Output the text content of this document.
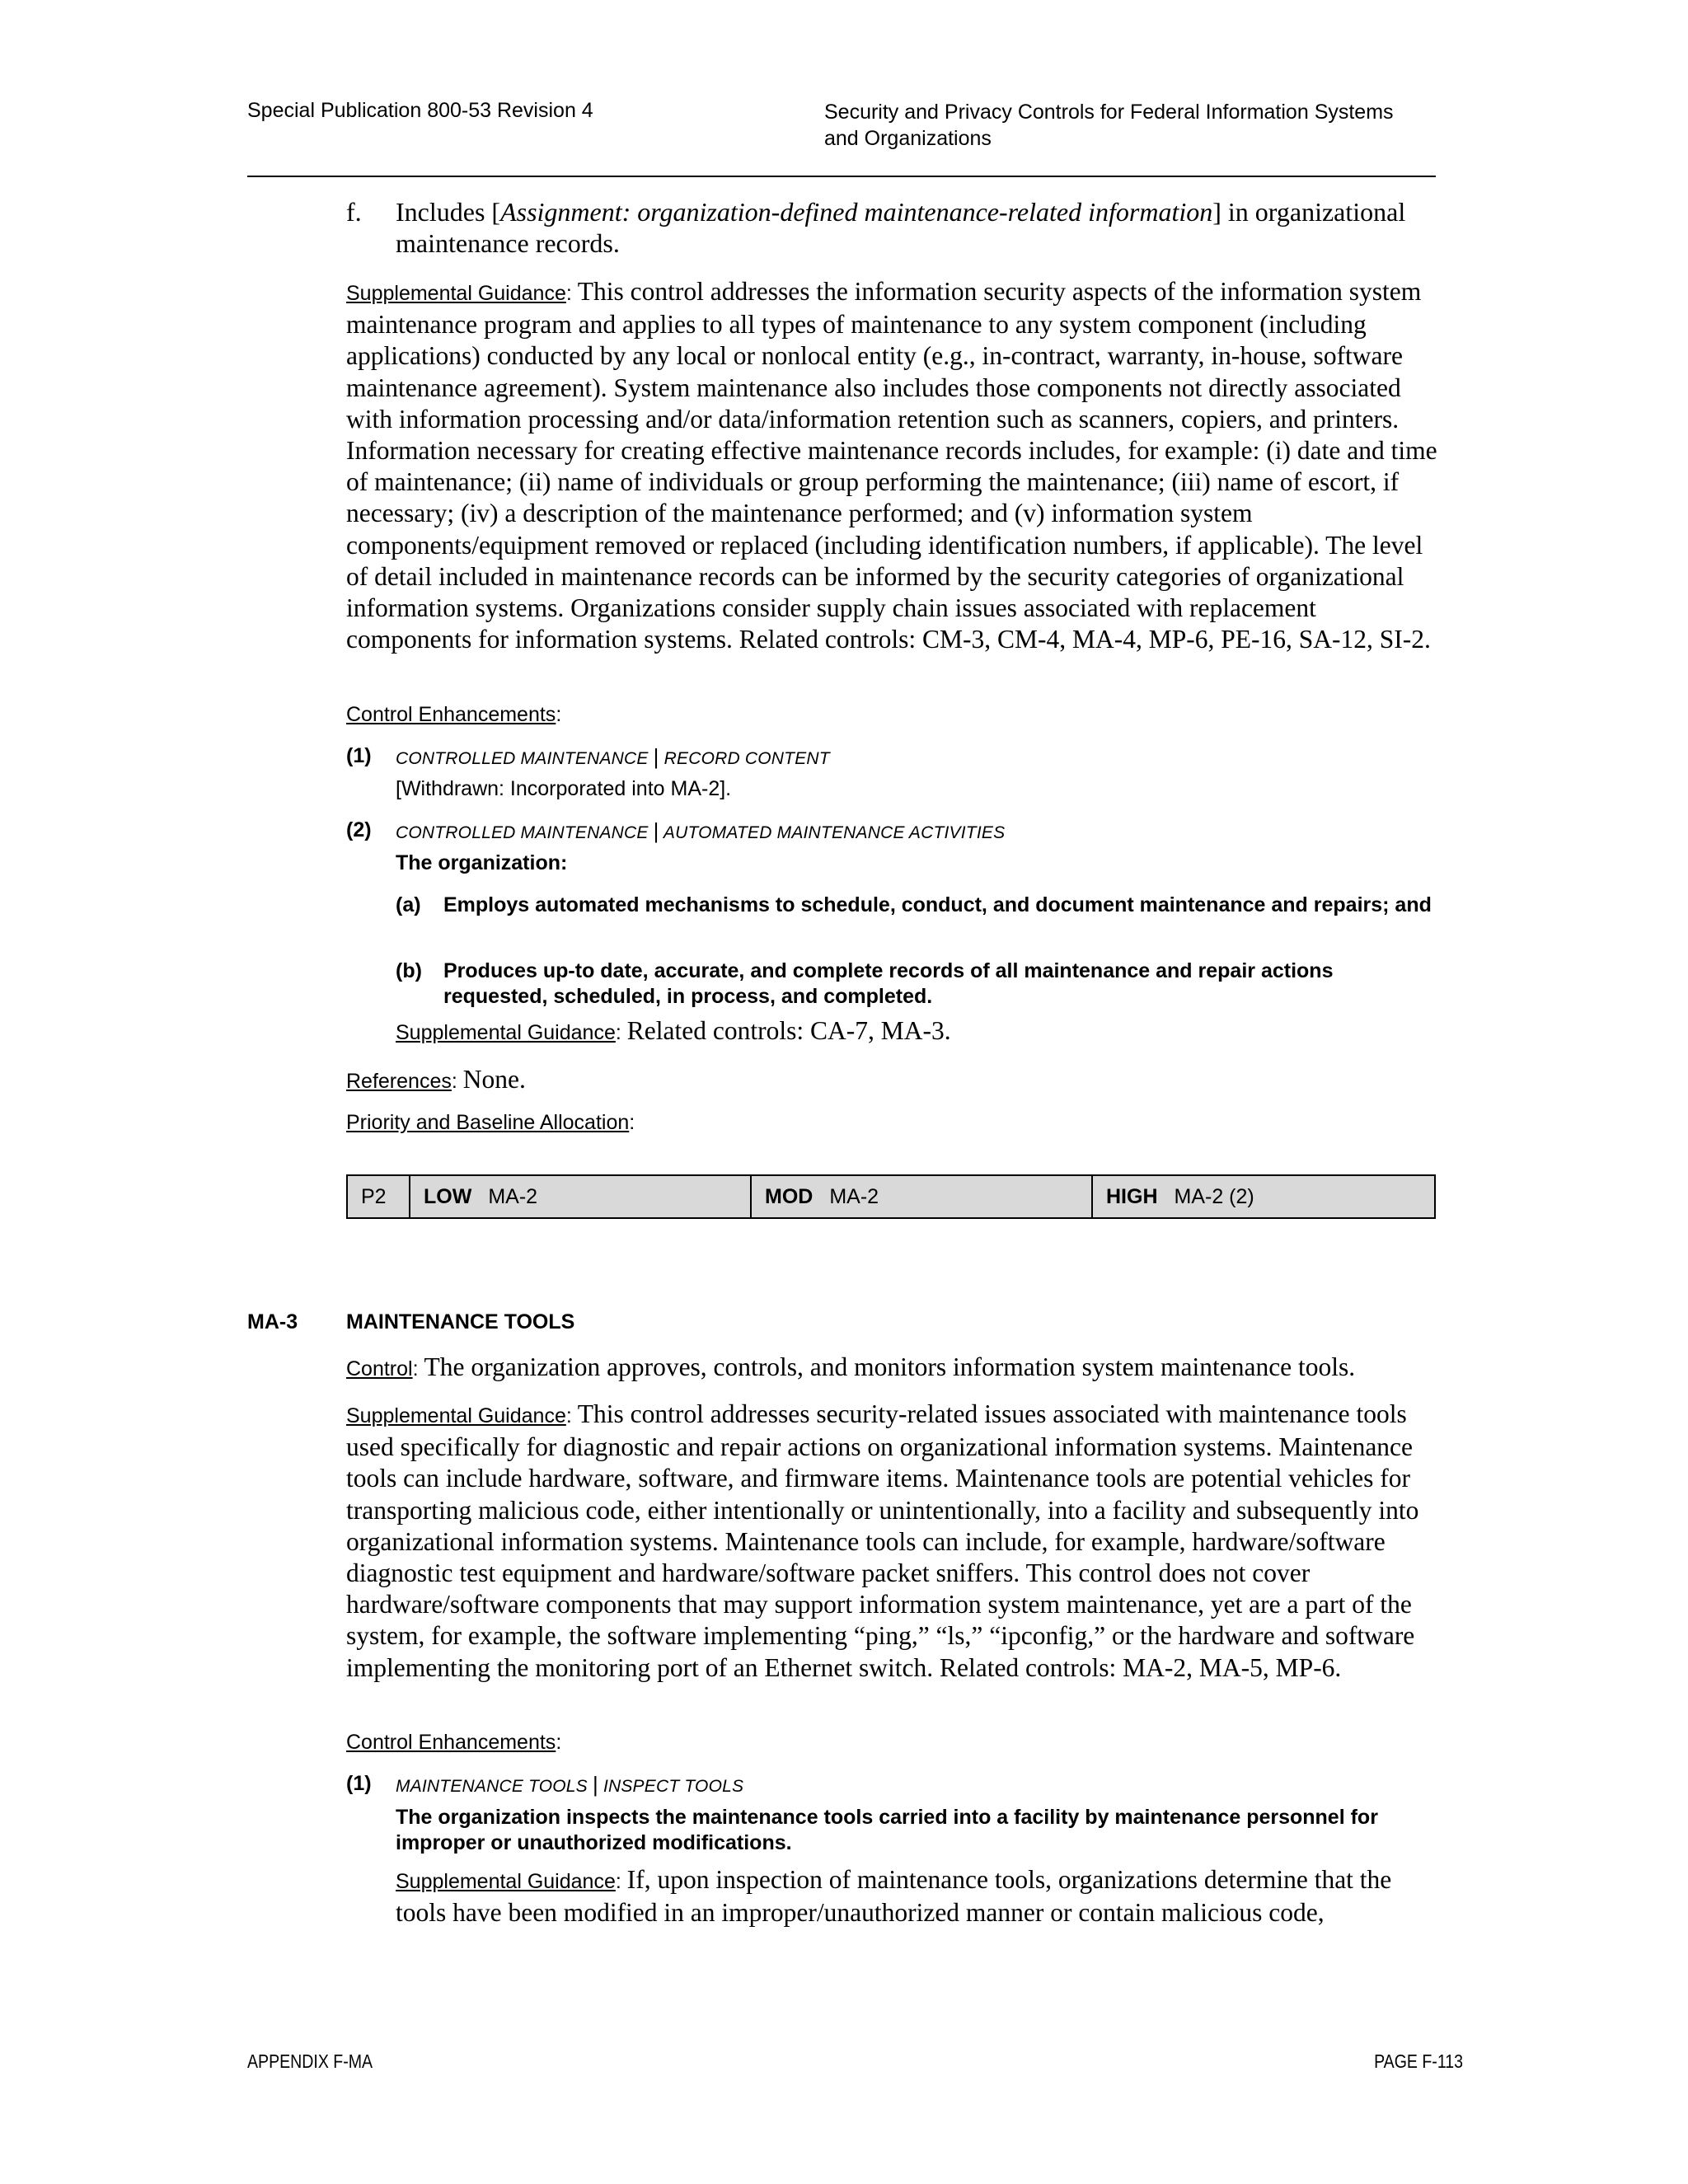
Special Publication 800-53 Revision 4	Security and Privacy Controls for Federal Information Systems
and Organizations
f. Includes [Assignment: organization-defined maintenance-related information] in organizational maintenance records.
Supplemental Guidance: This control addresses the information security aspects of the information system maintenance program and applies to all types of maintenance to any system component (including applications) conducted by any local or nonlocal entity (e.g., in-contract, warranty, in-house, software maintenance agreement). System maintenance also includes those components not directly associated with information processing and/or data/information retention such as scanners, copiers, and printers. Information necessary for creating effective maintenance records includes, for example: (i) date and time of maintenance; (ii) name of individuals or group performing the maintenance; (iii) name of escort, if necessary; (iv) a description of the maintenance performed; and (v) information system components/equipment removed or replaced (including identification numbers, if applicable). The level of detail included in maintenance records can be informed by the security categories of organizational information systems. Organizations consider supply chain issues associated with replacement components for information systems. Related controls: CM-3, CM-4, MA-4, MP-6, PE-16, SA-12, SI-2.
Control Enhancements:
(1) CONTROLLED MAINTENANCE | RECORD CONTENT
[Withdrawn: Incorporated into MA-2].
(2) CONTROLLED MAINTENANCE | AUTOMATED MAINTENANCE ACTIVITIES
The organization:
(a) Employs automated mechanisms to schedule, conduct, and document maintenance and repairs; and
(b) Produces up-to date, accurate, and complete records of all maintenance and repair actions requested, scheduled, in process, and completed.
Supplemental Guidance: Related controls: CA-7, MA-3.
References: None.
Priority and Baseline Allocation:
P2	LOW MA-2	MOD MA-2	HIGH MA-2 (2)
MA-3 MAINTENANCE TOOLS
Control: The organization approves, controls, and monitors information system maintenance tools.
Supplemental Guidance: This control addresses security-related issues associated with maintenance tools used specifically for diagnostic and repair actions on organizational information systems. Maintenance tools can include hardware, software, and firmware items. Maintenance tools are potential vehicles for transporting malicious code, either intentionally or unintentionally, into a facility and subsequently into organizational information systems. Maintenance tools can include, for example, hardware/software diagnostic test equipment and hardware/software packet sniffers. This control does not cover hardware/software components that may support information system maintenance, yet are a part of the system, for example, the software implementing “ping,” “ls,” “ipconfig,” or the hardware and software implementing the monitoring port of an Ethernet switch. Related controls: MA-2, MA-5, MP-6.
Control Enhancements:
(1) MAINTENANCE TOOLS | INSPECT TOOLS
The organization inspects the maintenance tools carried into a facility by maintenance personnel for improper or unauthorized modifications.
Supplemental Guidance: If, upon inspection of maintenance tools, organizations determine that the tools have been modified in an improper/unauthorized manner or contain malicious code,
APPENDIX F-MA	PAGE F-113
